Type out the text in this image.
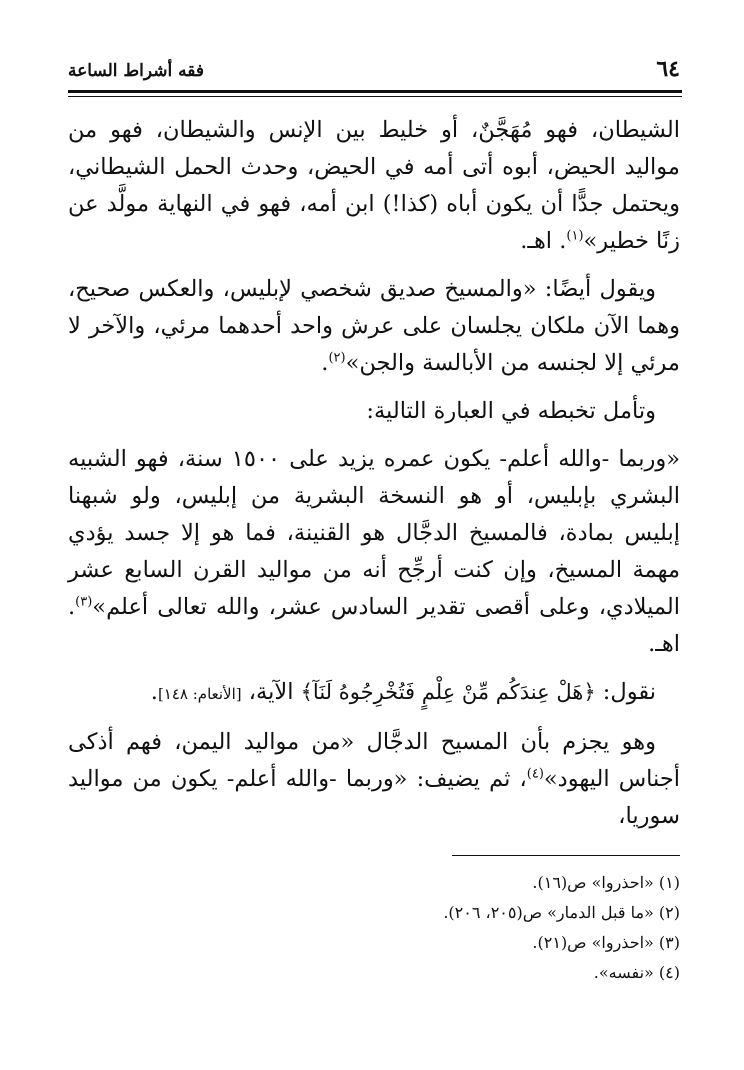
٦٤
فقه أشراط الساعة

الشيطان، فهو مُهَجَّنٌ، أو خليط بين الإنس والشيطان، فهو من مواليد الحيض، أبوه أتى أمه في الحيض، وحدث الحمل الشيطاني، ويحتمل جدًّا أن يكون أباه (كذا!) ابن أمه، فهو في النهاية مولَّد عن زنًا خطير»$^{(١)}$. اهـ.

ويقول أيضًا: «والمسيخ صديق شخصي لإبليس، والعكس صحيح، وهما الآن ملكان يجلسان على عرش واحد أحدهما مرئي، والآخر لا مرئي إلا لجنسه من الأبالسة والجن»$^{(٢)}$.

وتأمل تخبطه في العبارة التالية:

«وربما -والله أعلم- يكون عمره يزيد على ١٥٠٠ سنة، فهو الشبيه البشري بإبليس، أو هو النسخة البشرية من إبليس، ولو شبهنا إبليس بمادة، فالمسيخ الدجَّال هو القنينة، فما هو إلا جسد يؤدي مهمة المسيخ، وإن كنت أرجِّح أنه من مواليد القرن السابع عشر الميلادي، وعلى أقصى تقدير السادس عشر، والله تعالى أعلم»$^{(٣)}$. اهـ.

نقول: ﴿هَلْ عِندَكُم مِّنْ عِلْمٍ فَتُخْرِجُوهُ لَنَآ﴾ الآية، [الأنعام: ١٤٨].

وهو يجزم بأن المسيح الدجَّال «من مواليد اليمن، فهم أذكى أجناس اليهود»$^{(٤)}$، ثم يضيف: «وربما -والله أعلم- يكون من مواليد سوريا،

(١) «احذروا» ص(١٦).

(٢) «ما قبل الدمار» ص(٢٠٥، ٢٠٦).

(٣) «احذروا» ص(٢١).

(٤) «نفسه».
